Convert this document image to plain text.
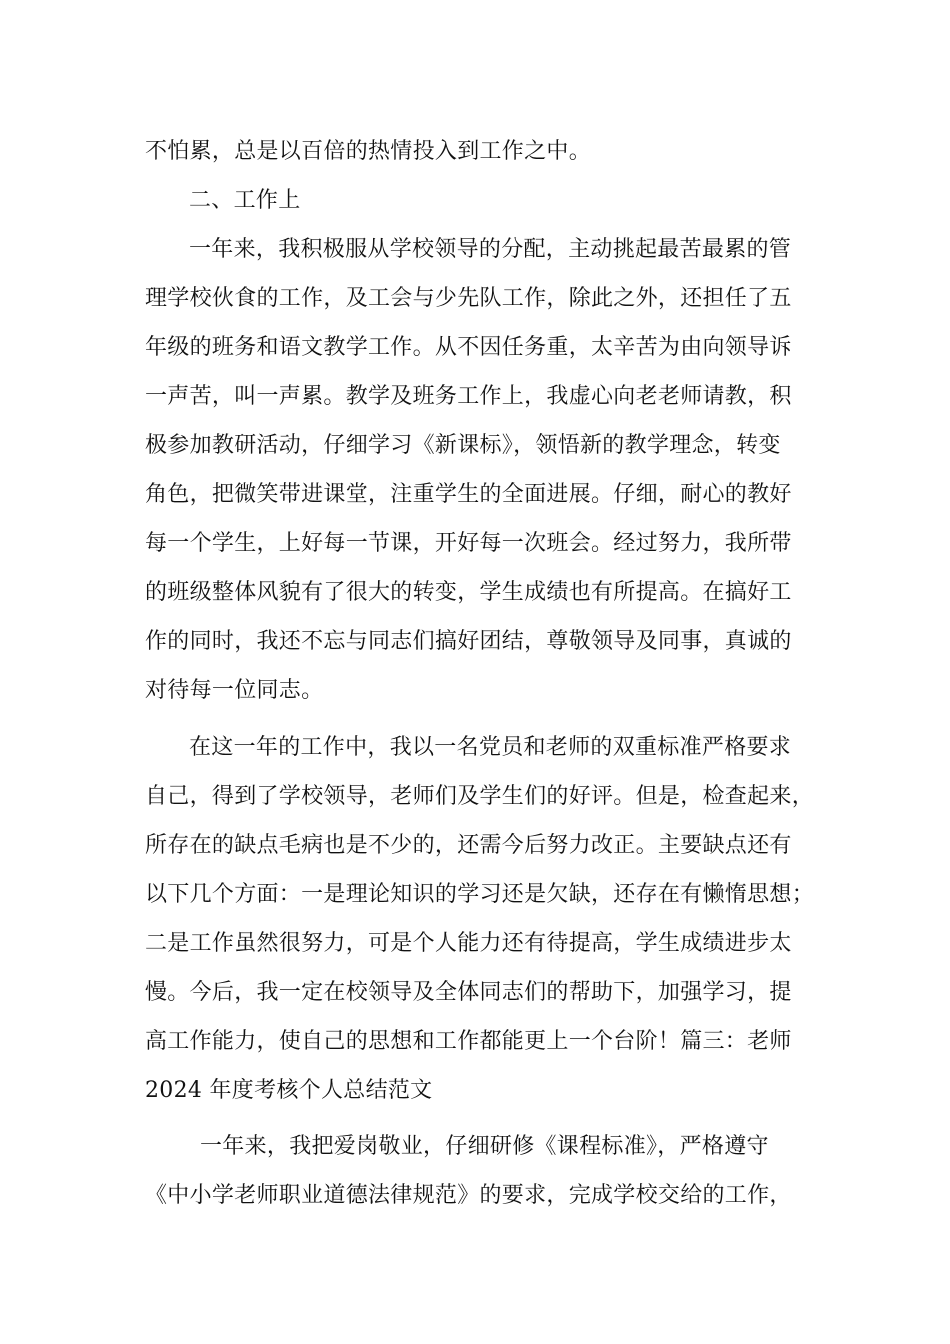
不怕累，总是以百倍的热情投入到工作之中。
二、工作上
一年来，我积极服从学校领导的分配，主动挑起最苦最累的管
理学校伙食的工作，及工会与少先队工作，除此之外，还担任了五
年级的班务和语文教学工作。从不因任务重，太辛苦为由向领导诉
一声苦，叫一声累。教学及班务工作上，我虚心向老老师请教，积
极参加教研活动，仔细学习《新课标》，领悟新的教学理念，转变
角色，把微笑带进课堂，注重学生的全面进展。仔细，耐心的教好
每一个学生，上好每一节课，开好每一次班会。经过努力，我所带
的班级整体风貌有了很大的转变，学生成绩也有所提高。在搞好工
作的同时，我还不忘与同志们搞好团结，尊敬领导及同事，真诚的
对待每一位同志。
在这一年的工作中，我以一名党员和老师的双重标准严格要求
自己，得到了学校领导，老师们及学生们的好评。但是，检查起来，
所存在的缺点毛病也是不少的，还需今后努力改正。主要缺点还有
以下几个方面：一是理论知识的学习还是欠缺，还存在有懒惰思想；
二是工作虽然很努力，可是个人能力还有待提高，学生成绩进步太
慢。今后，我一定在校领导及全体同志们的帮助下，加强学习，提
高工作能力，使自己的思想和工作都能更上一个台阶！篇三：老师
2024 年度考核个人总结范文
一年来，我把爱岗敬业，仔细研修《课程标准》，严格遵守
《中小学老师职业道德法律规范》的要求，完成学校交给的工作，
